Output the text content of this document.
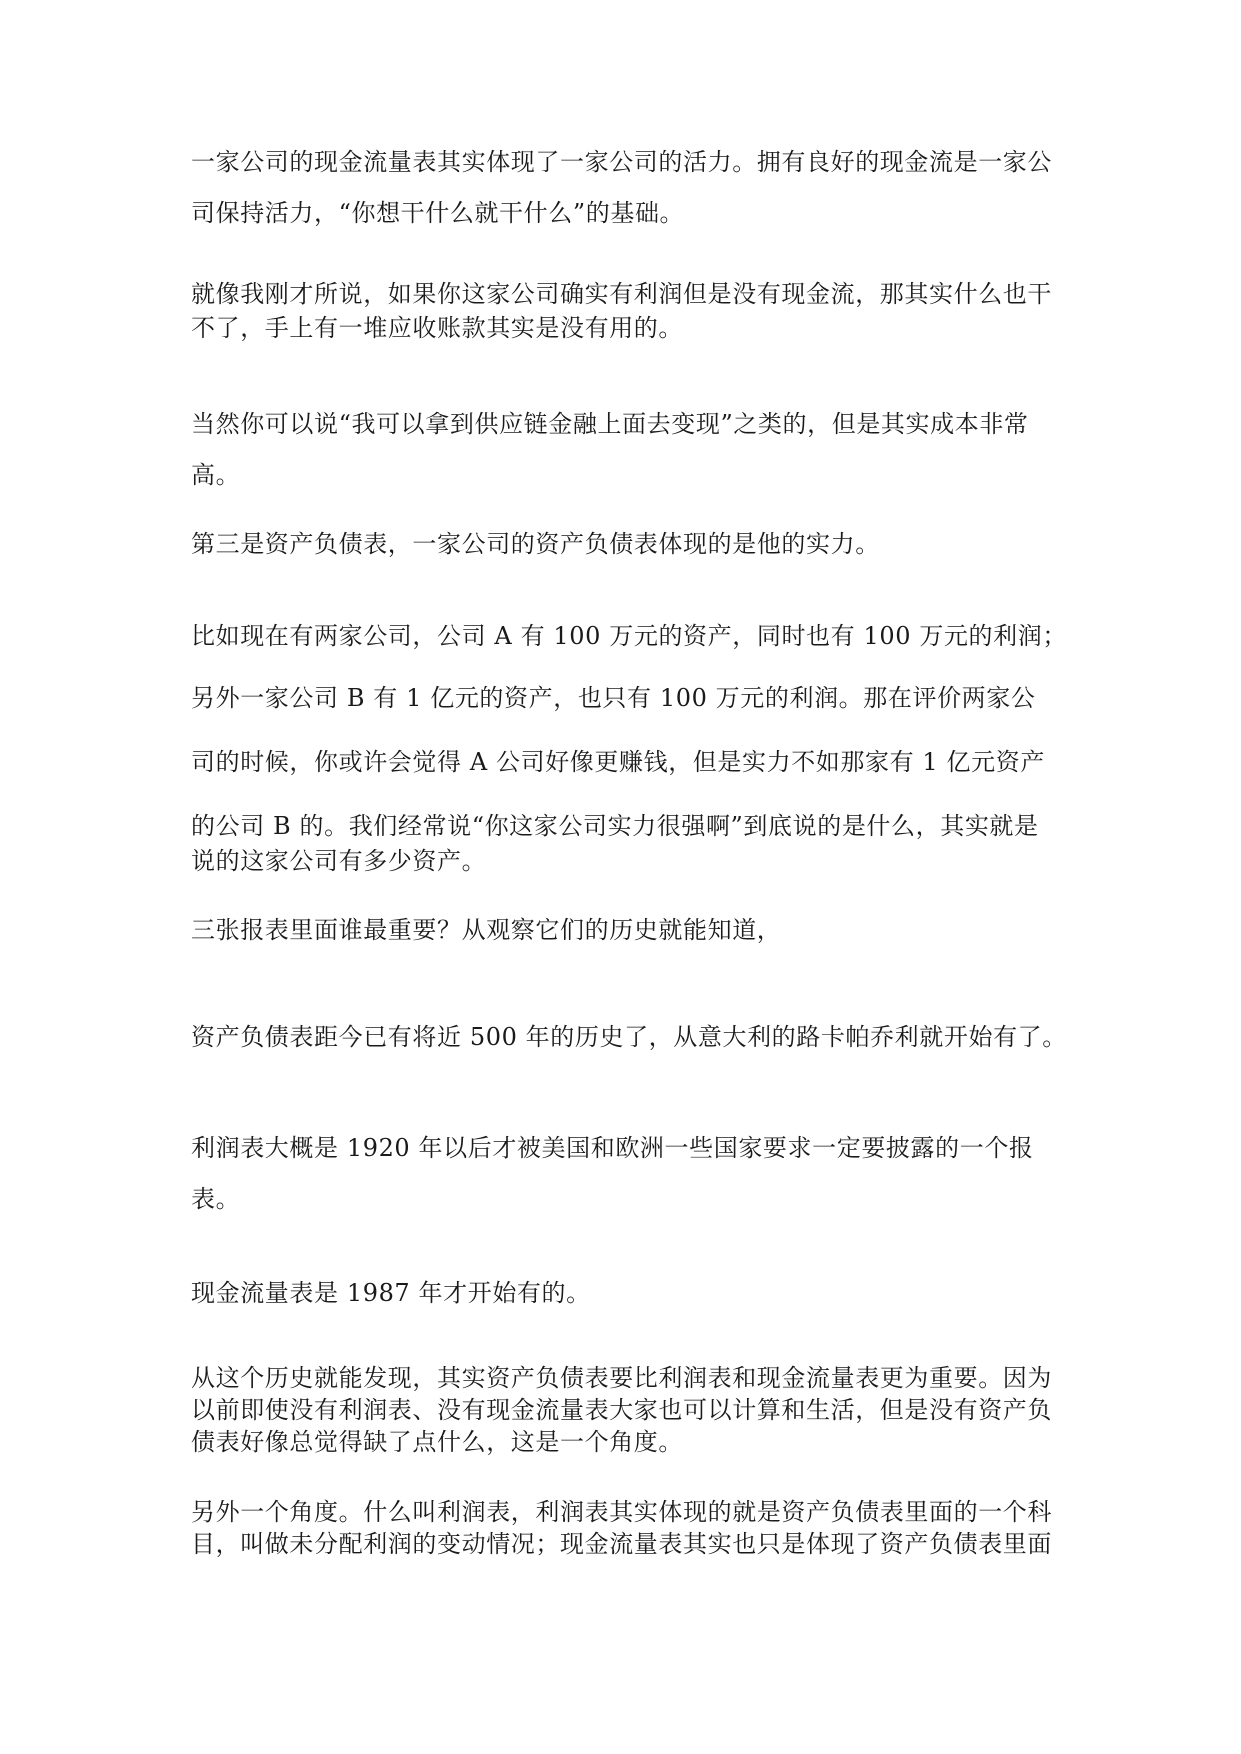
一家公司的现金流量表其实体现了一家公司的活力。拥有良好的现金流是一家公
司保持活力，“你想干什么就干什么”的基础。
就像我刚才所说，如果你这家公司确实有利润但是没有现金流，那其实什么也干
不了，手上有一堆应收账款其实是没有用的。
当然你可以说“我可以拿到供应链金融上面去变现”之类的，但是其实成本非常
高。
第三是资产负债表，一家公司的资产负债表体现的是他的实力。
比如现在有两家公司，公司 A 有 100 万元的资产，同时也有 100 万元的利润；
另外一家公司 B 有 1 亿元的资产，也只有 100 万元的利润。那在评价两家公
司的时候，你或许会觉得 A 公司好像更赚钱，但是实力不如那家有 1 亿元资产
的公司 B 的。我们经常说“你这家公司实力很强啊”到底说的是什么，其实就是
说的这家公司有多少资产。
三张报表里面谁最重要？从观察它们的历史就能知道，
资产负债表距今已有将近 500 年的历史了，从意大利的路卡帕乔利就开始有了。
利润表大概是 1920 年以后才被美国和欧洲一些国家要求一定要披露的一个报
表。
现金流量表是 1987 年才开始有的。
从这个历史就能发现，其实资产负债表要比利润表和现金流量表更为重要。因为
以前即使没有利润表、没有现金流量表大家也可以计算和生活，但是没有资产负
债表好像总觉得缺了点什么，这是一个角度。
另外一个角度。什么叫利润表，利润表其实体现的就是资产负债表里面的一个科
目，叫做未分配利润的变动情况；现金流量表其实也只是体现了资产负债表里面
